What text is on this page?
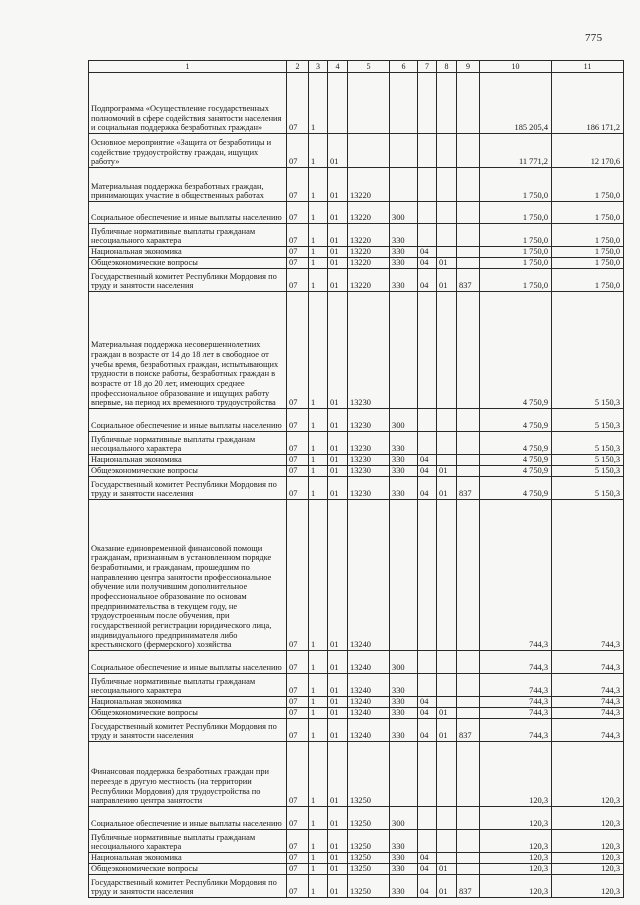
775
1	2	3	4	5	6	7	8	9	10	11
Подпрограмма «Осуществление государственных полномочий в сфере содействия занятости населения и социальная поддержка безработных граждан»	07	1							185 205,4	186 171,2
Основное мероприятие «Защита от безработицы и содействие трудоустройству граждан, ищущих работу»	07	1	01						11 771,2	12 170,6
Материальная поддержка безработных граждан, принимающих участие в общественных работах	07	1	01	13220					1 750,0	1 750,0
Социальное обеспечение и иные выплаты населению	07	1	01	13220	300				1 750,0	1 750,0
Публичные нормативные выплаты гражданам несоциального характера	07	1	01	13220	330				1 750,0	1 750,0
Национальная экономика	07	1	01	13220	330	04			1 750,0	1 750,0
Общеэкономические вопросы	07	1	01	13220	330	04	01		1 750,0	1 750,0
Государственный комитет Республики Мордовия по труду и занятости населения	07	1	01	13220	330	04	01	837	1 750,0	1 750,0
Материальная поддержка несовершеннолетних граждан в возрасте от 14 до 18 лет в свободное от учебы время, безработных граждан, испытывающих трудности в поиске работы, безработных граждан в возрасте от 18 до 20 лет, имеющих среднее профессиональное образование и ищущих работу впервые, на период их временного трудоустройства	07	1	01	13230					4 750,9	5 150,3
Социальное обеспечение и иные выплаты населению	07	1	01	13230	300				4 750,9	5 150,3
Публичные нормативные выплаты гражданам несоциального характера	07	1	01	13230	330				4 750,9	5 150,3
Национальная экономика	07	1	01	13230	330	04			4 750,9	5 150,3
Общеэкономические вопросы	07	1	01	13230	330	04	01		4 750,9	5 150,3
Государственный комитет Республики Мордовия по труду и занятости населения	07	1	01	13230	330	04	01	837	4 750,9	5 150,3
Оказание единовременной финансовой помощи гражданам, признанным в установленном порядке безработными, и гражданам, прошедшим по направлению центра занятости профессиональное обучение или получившим дополнительное профессиональное образование по основам предпринимательства в текущем году, не трудоустроенным после обучения, при государственной регистрации юридического лица, индивидуального предпринимателя либо крестьянского (фермерского) хозяйства	07	1	01	13240					744,3	744,3
Социальное обеспечение и иные выплаты населению	07	1	01	13240	300				744,3	744,3
Публичные нормативные выплаты гражданам несоциального характера	07	1	01	13240	330				744,3	744,3
Национальная экономика	07	1	01	13240	330	04			744,3	744,3
Общеэкономические вопросы	07	1	01	13240	330	04	01		744,3	744,3
Государственный комитет Республики Мордовия по труду и занятости населения	07	1	01	13240	330	04	01	837	744,3	744,3
Финансовая поддержка безработных граждан при переезде в другую местность (на территории Республики Мордовия) для трудоустройства по направлению центра занятости	07	1	01	13250					120,3	120,3
Социальное обеспечение и иные выплаты населению	07	1	01	13250	300				120,3	120,3
Публичные нормативные выплаты гражданам несоциального характера	07	1	01	13250	330				120,3	120,3
Национальная экономика	07	1	01	13250	330	04			120,3	120,3
Общеэкономические вопросы	07	1	01	13250	330	04	01		120,3	120,3
Государственный комитет Республики Мордовия по труду и занятости населения	07	1	01	13250	330	04	01	837	120,3	120,3
